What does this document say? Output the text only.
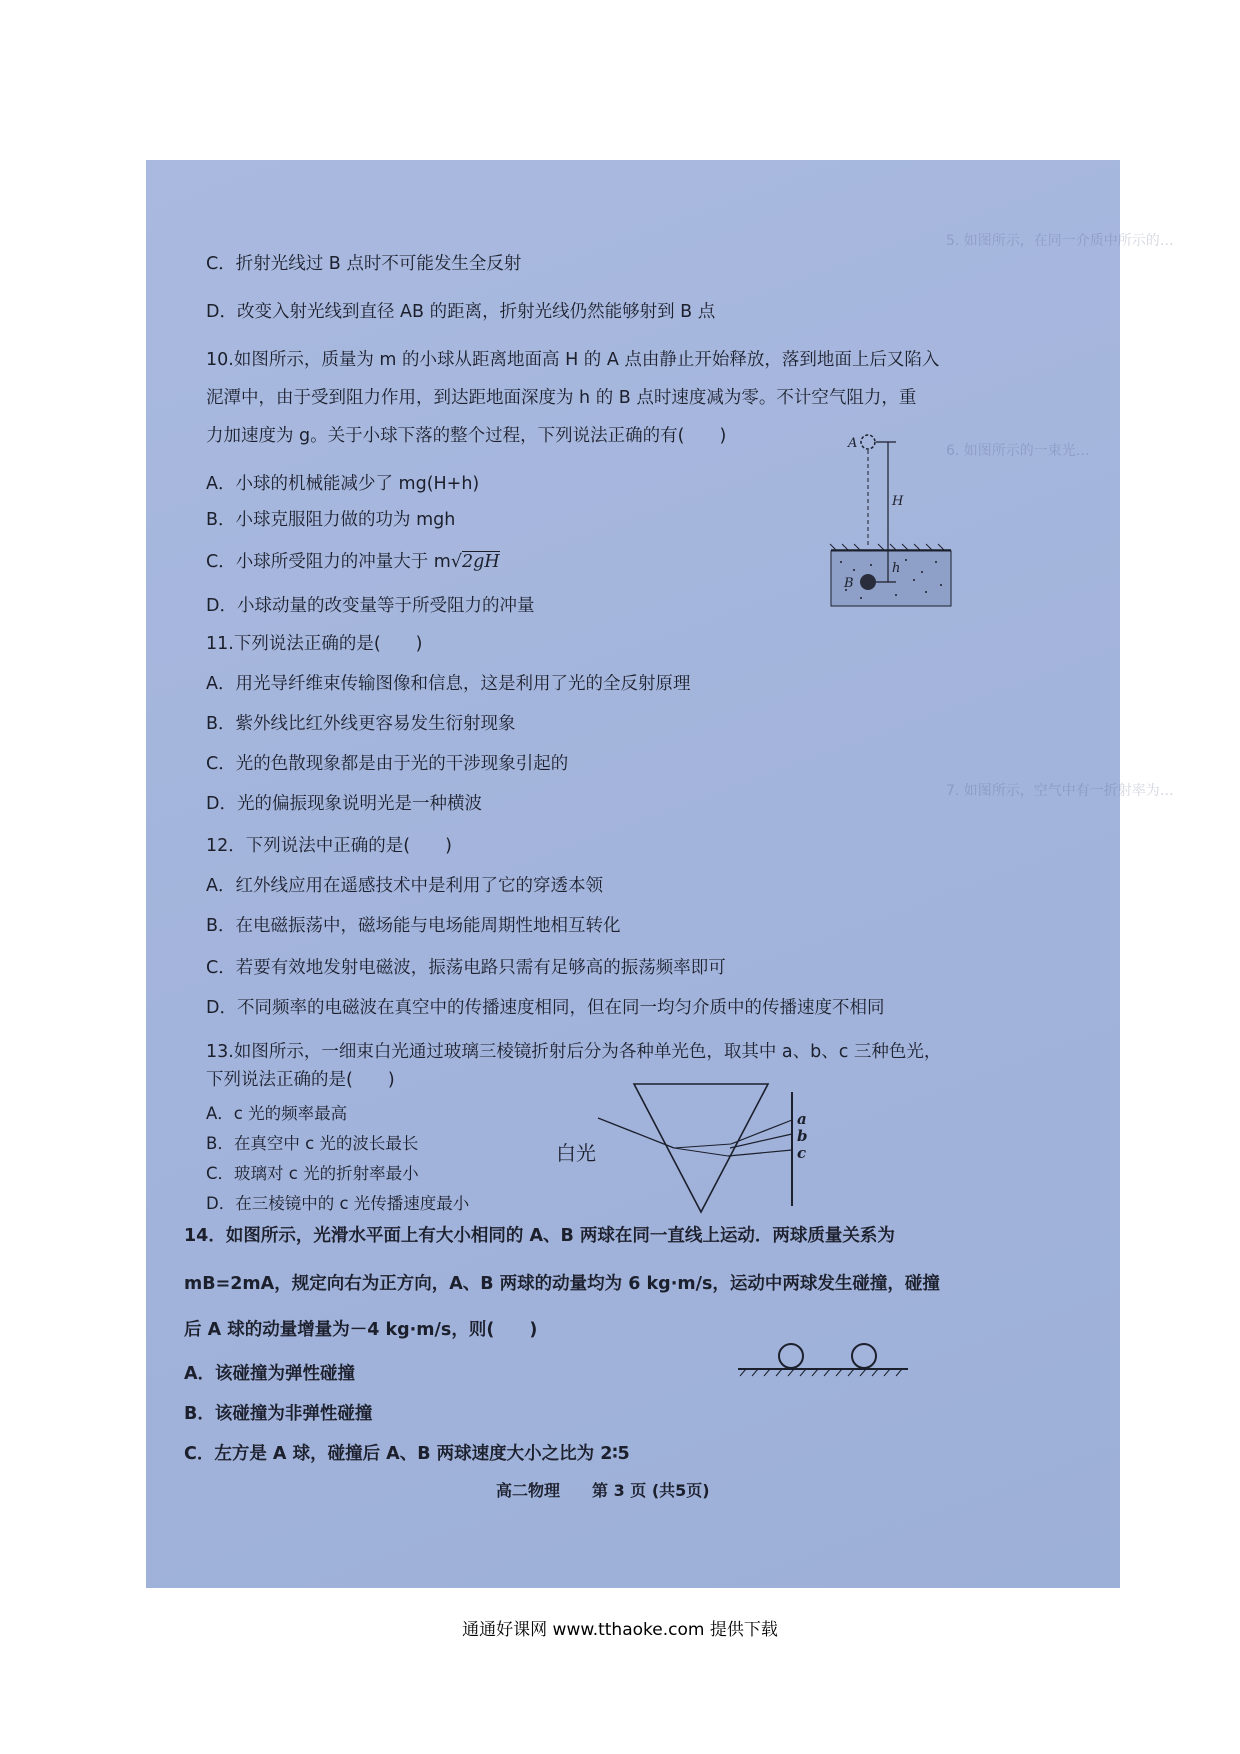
5. 如图所示，在同一介质中所示的…
6. 如图所示的一束光…
7. 如图所示，空气中有一折射率为…
C．折射光线过 B 点时不可能发生全反射
D．改变入射光线到直径 AB 的距离，折射光线仍然能够射到 B 点
10.如图所示，质量为 m 的小球从距离地面高 H 的 A 点由静止开始释放，落到地面上后又陷入
泥潭中，由于受到阻力作用，到达距地面深度为 h 的 B 点时速度减为零。不计空气阻力，重
力加速度为 g。关于小球下落的整个过程，下列说法正确的有(　　)
A．小球的机械能减少了 mg(H+h)
B．小球克服阻力做的功为 mgh
C．小球所受阻力的冲量大于 m√2gH
D．小球动量的改变量等于所受阻力的冲量
A
H
h
B
11.下列说法正确的是(　　)
A．用光导纤维束传输图像和信息，这是利用了光的全反射原理
B．紫外线比红外线更容易发生衍射现象
C．光的色散现象都是由于光的干涉现象引起的
D．光的偏振现象说明光是一种横波
12．下列说法中正确的是(　　)
A．红外线应用在遥感技术中是利用了它的穿透本领
B．在电磁振荡中，磁场能与电场能周期性地相互转化
C．若要有效地发射电磁波，振荡电路只需有足够高的振荡频率即可
D．不同频率的电磁波在真空中的传播速度相同，但在同一均匀介质中的传播速度不相同
13.如图所示，一细束白光通过玻璃三棱镜折射后分为各种单光色，取其中 a、b、c 三种色光，
下列说法正确的是(　　)
A．c 光的频率最高
B．在真空中 c 光的波长最长
C．玻璃对 c 光的折射率最小
D．在三棱镜中的 c 光传播速度最小
白光
a
b
c
14．如图所示，光滑水平面上有大小相同的 A、B 两球在同一直线上运动．两球质量关系为
mB=2mA，规定向右为正方向，A、B 两球的动量均为 6 kg·m/s，运动中两球发生碰撞，碰撞
后 A 球的动量增量为－4 kg·m/s，则(　　)
A．该碰撞为弹性碰撞
B．该碰撞为非弹性碰撞
C．左方是 A 球，碰撞后 A、B 两球速度大小之比为 2∶5
高二物理　　第 3 页 (共5页)
通通好课网 www.tthaoke.com 提供下载
